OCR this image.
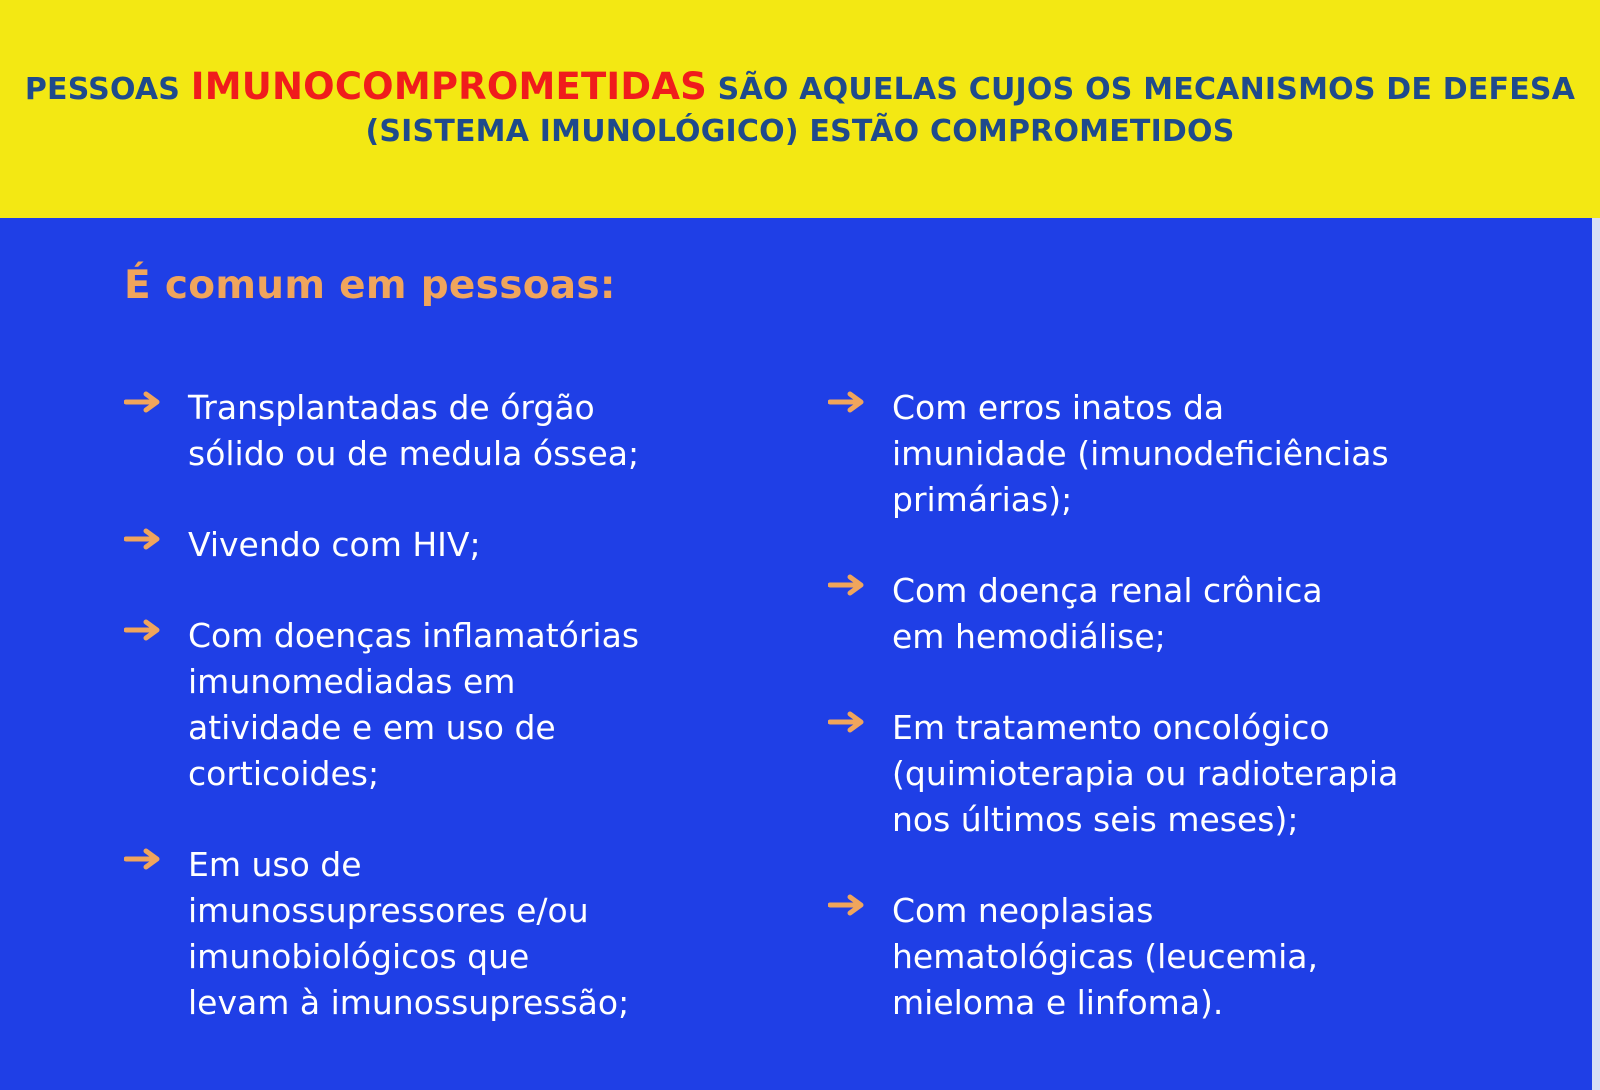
PESSOAS IMUNOCOMPROMETIDAS SÃO AQUELAS CUJOS OS MECANISMOS DE DEFESA
(SISTEMA IMUNOLÓGICO) ESTÃO COMPROMETIDOS
É comum em pessoas:
Transplantadas de órgão
sólido ou de medula óssea;
Vivendo com HIV;
Com doenças inflamatórias
imunomediadas em
atividade e em uso de
corticoides;
Em uso de
imunossupressores e/ou
imunobiológicos que
levam à imunossupressão;
Com erros inatos da
imunidade (imunodeficiências
primárias);
Com doença renal crônica
em hemodiálise;
Em tratamento oncológico
(quimioterapia ou radioterapia
nos últimos seis meses);
Com neoplasias
hematológicas (leucemia,
mieloma e linfoma).
